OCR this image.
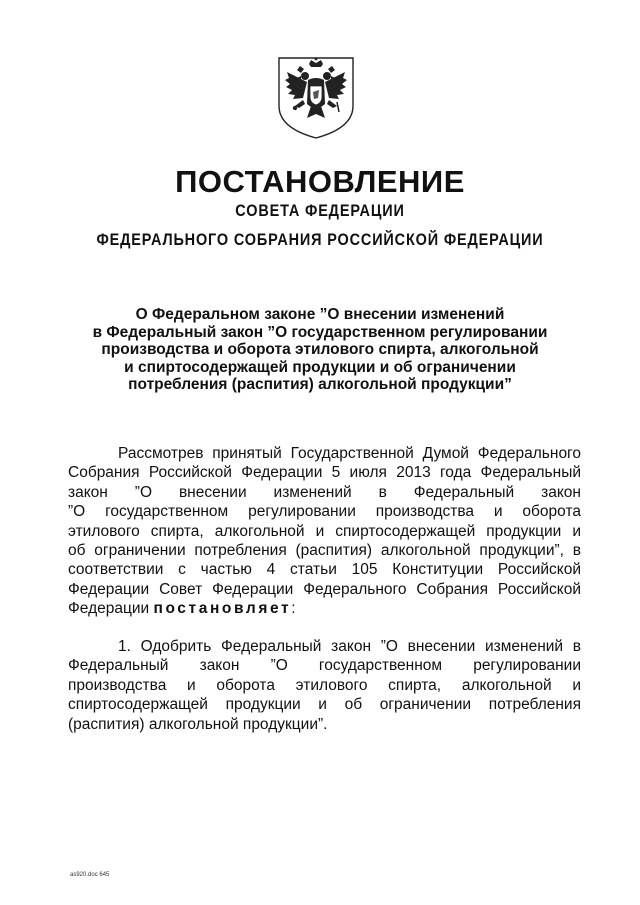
ПОСТАНОВЛЕНИЕ
СОВЕТА ФЕДЕРАЦИИ
ФЕДЕРАЛЬНОГО СОБРАНИЯ РОССИЙСКОЙ ФЕДЕРАЦИИ
О Федеральном законе ”О внесении изменений
в Федеральный закон ”О государственном регулировании
производства и оборота этилового спирта, алкогольной
и спиртосодержащей продукции и об ограничении
потребления (распития) алкогольной продукции”
Рассмотрев принятый Государственной Думой Федерального
Собрания Российской Федерации 5 июля 2013 года Федеральный
закон ”О внесении изменений в Федеральный закон
”О государственном регулировании производства и оборота
этилового спирта, алкогольной и спиртосодержащей продукции и
об ограничении потребления (распития) алкогольной продукции”, в
соответствии с частью 4 статьи 105 Конституции Российской
Федерации Совет Федерации Федерального Собрания Российской
Федерации постановляет:
1. Одобрить Федеральный закон ”О внесении изменений в
Федеральный закон ”О государственном регулировании
производства и оборота этилового спирта, алкогольной и
спиртосодержащей продукции и об ограничении потребления
(распития) алкогольной продукции”.
as920.doc 645
